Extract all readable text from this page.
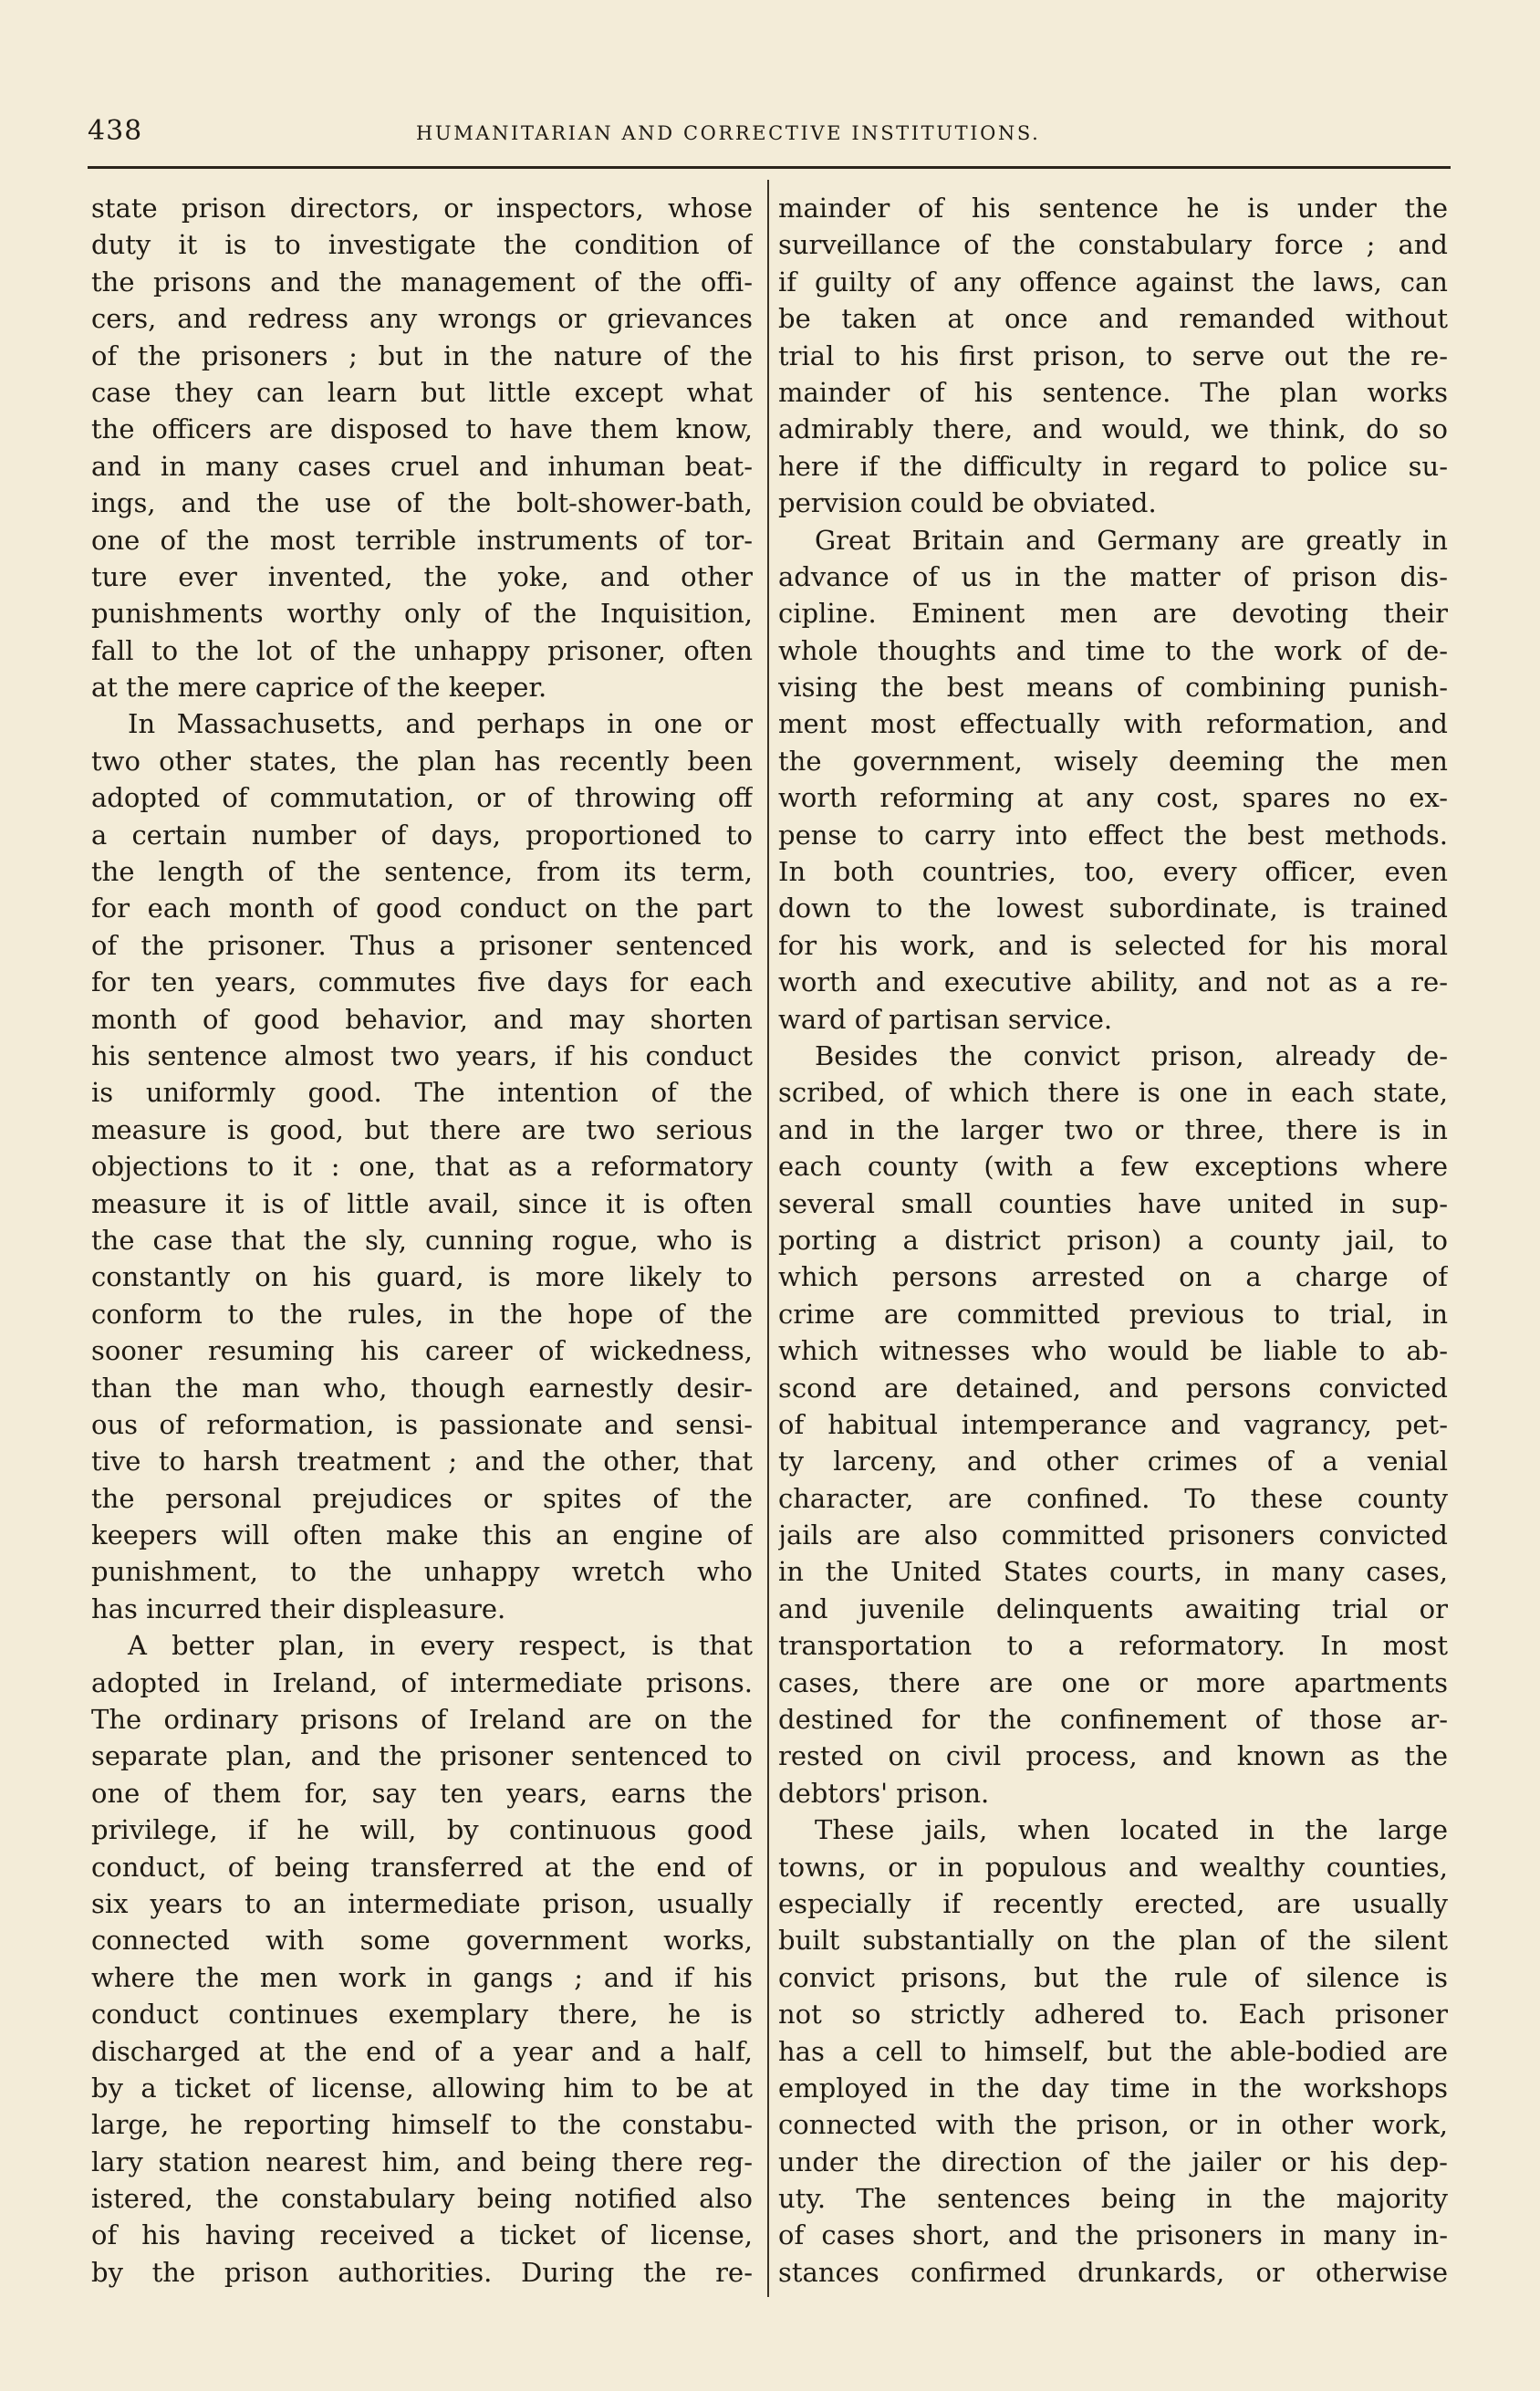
438	HUMANITARIAN AND CORRECTIVE INSTITUTIONS.
state prison directors, or inspectors, whose
duty it is to investigate the condition of
the prisons and the management of the offi-
cers, and redress any wrongs or grievances
of the prisoners ; but in the nature of the
case they can learn but little except what
the officers are disposed to have them know,
and in many cases cruel and inhuman beat-
ings, and the use of the bolt-shower-bath,
one of the most terrible instruments of tor-
ture ever invented, the yoke, and other
punishments worthy only of the Inquisition,
fall to the lot of the unhappy prisoner, often
at the mere caprice of the keeper.
In Massachusetts, and perhaps in one or
two other states, the plan has recently been
adopted of commutation, or of throwing off
a certain number of days, proportioned to
the length of the sentence, from its term,
for each month of good conduct on the part
of the prisoner. Thus a prisoner sentenced
for ten years, commutes five days for each
month of good behavior, and may shorten
his sentence almost two years, if his conduct
is uniformly good. The intention of the
measure is good, but there are two serious
objections to it : one, that as a reformatory
measure it is of little avail, since it is often
the case that the sly, cunning rogue, who is
constantly on his guard, is more likely to
conform to the rules, in the hope of the
sooner resuming his career of wickedness,
than the man who, though earnestly desir-
ous of reformation, is passionate and sensi-
tive to harsh treatment ; and the other, that
the personal prejudices or spites of the
keepers will often make this an engine of
punishment, to the unhappy wretch who
has incurred their displeasure.
A better plan, in every respect, is that
adopted in Ireland, of intermediate prisons.
The ordinary prisons of Ireland are on the
separate plan, and the prisoner sentenced to
one of them for, say ten years, earns the
privilege, if he will, by continuous good
conduct, of being transferred at the end of
six years to an intermediate prison, usually
connected with some government works,
where the men work in gangs ; and if his
conduct continues exemplary there, he is
discharged at the end of a year and a half,
by a ticket of license, allowing him to be at
large, he reporting himself to the constabu-
lary station nearest him, and being there reg-
istered, the constabulary being notified also
of his having received a ticket of license,
by the prison authorities. During the re-
mainder of his sentence he is under the
surveillance of the constabulary force ; and
if guilty of any offence against the laws, can
be taken at once and remanded without
trial to his first prison, to serve out the re-
mainder of his sentence. The plan works
admirably there, and would, we think, do so
here if the difficulty in regard to police su-
pervision could be obviated.
Great Britain and Germany are greatly in
advance of us in the matter of prison dis-
cipline. Eminent men are devoting their
whole thoughts and time to the work of de-
vising the best means of combining punish-
ment most effectually with reformation, and
the government, wisely deeming the men
worth reforming at any cost, spares no ex-
pense to carry into effect the best methods.
In both countries, too, every officer, even
down to the lowest subordinate, is trained
for his work, and is selected for his moral
worth and executive ability, and not as a re-
ward of partisan service.
Besides the convict prison, already de-
scribed, of which there is one in each state,
and in the larger two or three, there is in
each county (with a few exceptions where
several small counties have united in sup-
porting a district prison) a county jail, to
which persons arrested on a charge of
crime are committed previous to trial, in
which witnesses who would be liable to ab-
scond are detained, and persons convicted
of habitual intemperance and vagrancy, pet-
ty larceny, and other crimes of a venial
character, are confined. To these county
jails are also committed prisoners convicted
in the United States courts, in many cases,
and juvenile delinquents awaiting trial or
transportation to a reformatory. In most
cases, there are one or more apartments
destined for the confinement of those ar-
rested on civil process, and known as the
debtors' prison.
These jails, when located in the large
towns, or in populous and wealthy counties,
especially if recently erected, are usually
built substantially on the plan of the silent
convict prisons, but the rule of silence is
not so strictly adhered to. Each prisoner
has a cell to himself, but the able-bodied are
employed in the day time in the workshops
connected with the prison, or in other work,
under the direction of the jailer or his dep-
uty. The sentences being in the majority
of cases short, and the prisoners in many in-
stances confirmed drunkards, or otherwise
